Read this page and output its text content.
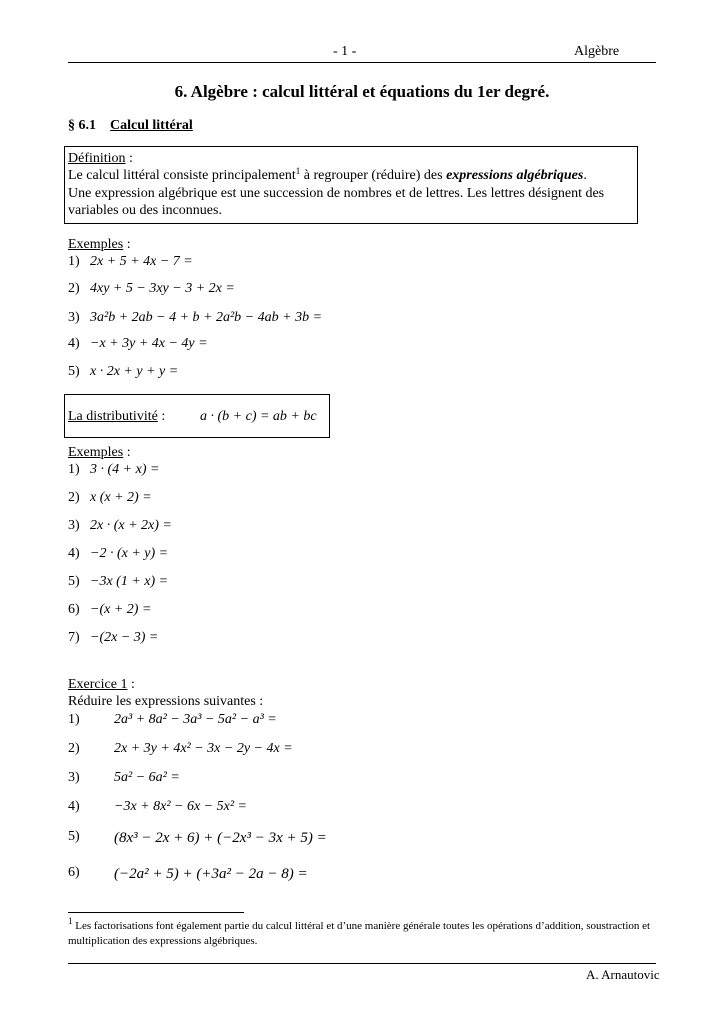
- 1 -	Algèbre
6. Algèbre : calcul littéral et équations du 1er degré.
§ 6.1 Calcul littéral
Définition :
Le calcul littéral consiste principalement$^1$ à regrouper (réduire) des expressions algébriques.
Une expression algébrique est une succession de nombres et de lettres. Les lettres désignent des
variables ou des inconnues.
Exemples :
1) 2x + 5 + 4x − 7 =
2) 4xy + 5 − 3xy − 3 + 2x =
3) 3a²b + 2ab − 4 + b + 2a²b − 4ab + 3b =
4) −x + 3y + 4x − 4y =
5) x · 2x + y + y =
La distributivité : a · (b + c) = ab + bc
Exemples :
1) 3 · (4 + x) =
2) x (x + 2) =
3) 2x · (x + 2x) =
4) −2 · (x + y) =
5) −3x (1 + x) =
6) −(x + 2) =
7) −(2x − 3) =
Exercice 1 :
Réduire les expressions suivantes :
1) 2a³ + 8a² − 3a³ − 5a² − a³ =
2) 2x + 3y + 4x² − 3x − 2y − 4x =
3) 5a² − 6a² =
4) −3x + 8x² − 6x − 5x² =
5) (8x³ − 2x + 6) + (−2x³ − 3x + 5) =
6) (−2a² + 5) + (+3a² − 2a − 8) =
$^1$ Les factorisations font également partie du calcul littéral et d’une manière générale toutes les opérations d’addition, soustraction et multiplication des expressions algébriques.
A. Arnautovic
